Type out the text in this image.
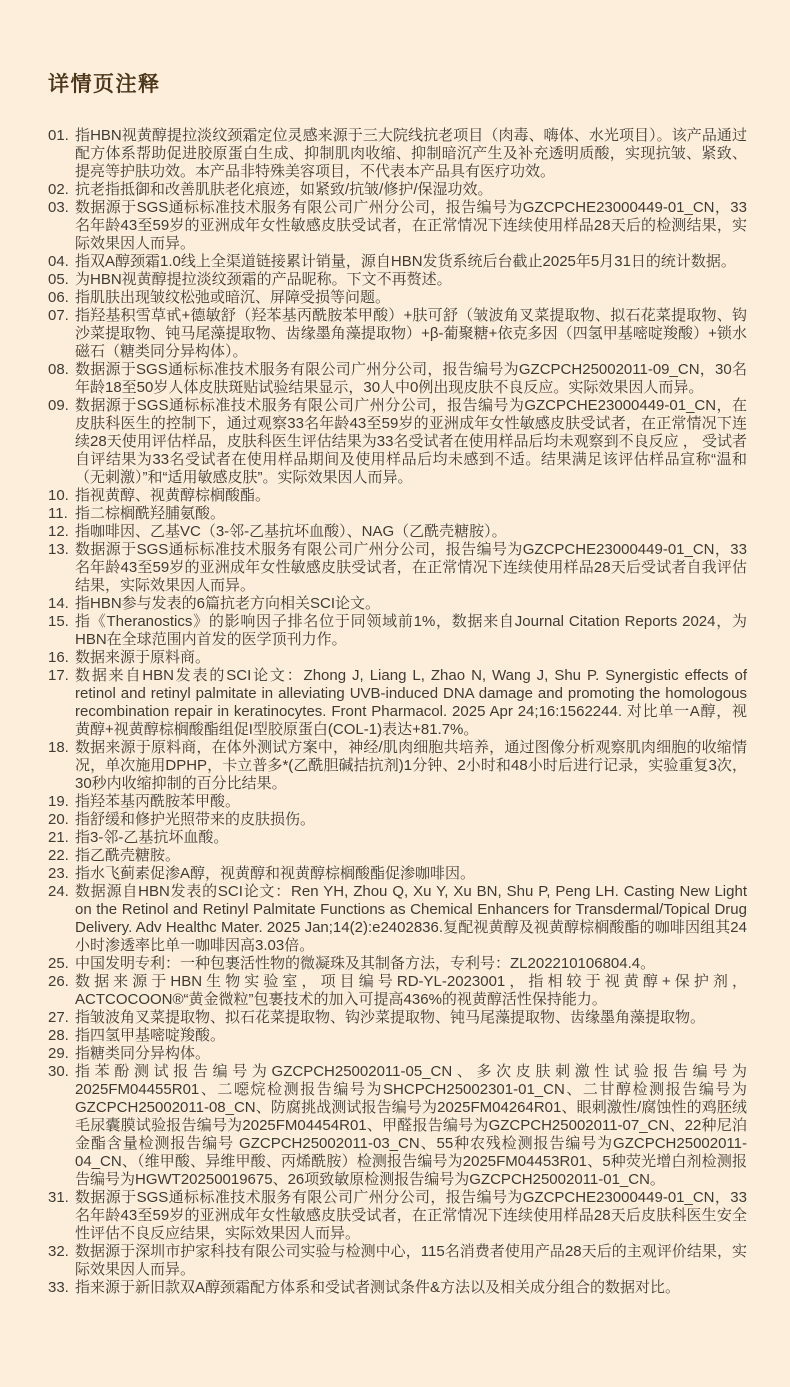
详情页注释
01. 指HBN视黄醇提拉淡纹颈霜定位灵感来源于三大院线抗老项目（肉毒、嗨体、水光项目）。该产品通过配方体系帮助促进胶原蛋白生成、抑制肌肉收缩、抑制暗沉产生及补充透明质酸，实现抗皱、紧致、提亮等护肤功效。本产品非特殊美容项目，不代表本产品具有医疗功效。
02. 抗老指抵御和改善肌肤老化痕迹，如紧致/抗皱/修护/保湿功效。
03. 数据源于SGS通标标准技术服务有限公司广州分公司，报告编号为GZCPCHE23000449-01_CN，33名年龄43至59岁的亚洲成年女性敏感皮肤受试者，在正常情况下连续使用样品28天后的检测结果，实际效果因人而异。
04. 指双A醇颈霜1.0线上全渠道链接累计销量，源自HBN发货系统后台截止2025年5月31日的统计数据。
05. 为HBN视黄醇提拉淡纹颈霜的产品昵称。下文不再赘述。
06. 指肌肤出现皱纹松弛或暗沉、屏障受损等问题。
07. 指羟基积雪草甙+德敏舒（羟苯基丙酰胺苯甲酸）+肤可舒（皱波角叉菜提取物、拟石花菜提取物、钩沙菜提取物、钝马尾藻提取物、齿缘墨角藻提取物）+β-葡聚糖+依克多因（四氢甲基嘧啶羧酸）+锁水磁石（糖类同分异构体）。
08. 数据源于SGS通标标准技术服务有限公司广州分公司，报告编号为GZCPCH25002011-09_CN，30名年龄18至50岁人体皮肤斑贴试验结果显示，30人中0例出现皮肤不良反应。实际效果因人而异。
09. 数据源于SGS通标标准技术服务有限公司广州分公司，报告编号为GZCPCHE23000449-01_CN，在皮肤科医生的控制下，通过观察33名年龄43至59岁的亚洲成年女性敏感皮肤受试者，在正常情况下连续28天使用评估样品，皮肤科医生评估结果为33名受试者在使用样品后均未观察到不良反应 ， 受试者自评结果为33名受试者在使用样品期间及使用样品后均未感到不适。结果满足该评估样品宣称“温和（无刺激）”和“适用敏感皮肤”。实际效果因人而异。
10. 指视黄醇、视黄醇棕榈酸酯。
11. 指二棕榈酰羟脯氨酸。
12. 指咖啡因、乙基VC（3-邻-乙基抗坏血酸）、NAG（乙酰壳糖胺）。
13. 数据源于SGS通标标准技术服务有限公司广州分公司，报告编号为GZCPCHE23000449-01_CN，33名年龄43至59岁的亚洲成年女性敏感皮肤受试者，在正常情况下连续使用样品28天后受试者自我评估结果，实际效果因人而异。
14. 指HBN参与发表的6篇抗老方向相关SCI论文。
15. 指《Theranostics》的影响因子排名位于同领域前1%，数据来自Journal Citation Reports 2024，为HBN在全球范围内首发的医学顶刊力作。
16. 数据来源于原料商。
17. 数据来自HBN发表的SCI论文：Zhong J, Liang L, Zhao N, Wang J, Shu P. Synergistic effects of retinol and retinyl palmitate in alleviating UVB-induced DNA damage and promoting the homologous recombination repair in keratinocytes. Front Pharmacol. 2025 Apr 24;16:1562244. 对比单一A醇，视黄醇+视黄醇棕榈酸酯组促I型胶原蛋白(COL-1)表达+81.7%。
18. 数据来源于原料商，在体外测试方案中，神经/肌肉细胞共培养，通过图像分析观察肌肉细胞的收缩情况，单次施用DPHP，卡立普多*(乙酰胆碱拮抗剂)1分钟、2小时和48小时后进行记录，实验重复3次，30秒内收缩抑制的百分比结果。
19. 指羟苯基丙酰胺苯甲酸。
20. 指舒缓和修护光照带来的皮肤损伤。
21. 指3-邻-乙基抗坏血酸。
22. 指乙酰壳糖胺。
23. 指水飞蓟素促渗A醇，视黄醇和视黄醇棕榈酸酯促渗咖啡因。
24. 数据源自HBN发表的SCI论文：Ren YH, Zhou Q, Xu Y, Xu BN, Shu P, Peng LH. Casting New Light on the Retinol and Retinyl Palmitate Functions as Chemical Enhancers for Transdermal/Topical Drug Delivery. Adv Healthc Mater. 2025 Jan;14(2):e2402836.复配视黄醇及视黄醇棕榈酸酯的咖啡因组其24小时渗透率比单一咖啡因高3.03倍。
25. 中国发明专利：一种包裹活性物的微凝珠及其制备方法，专利号：ZL202210106804.4。
26. 数据来源于HBN生物实验室，项目编号RD-YL-2023001，指相较于视黄醇+保护剂，ACTCOCOON®“黄金微粒”包裹技术的加入可提高436%的视黄醇活性保持能力。
27. 指皱波角叉菜提取物、拟石花菜提取物、钩沙菜提取物、钝马尾藻提取物、齿缘墨角藻提取物。
28. 指四氢甲基嘧啶羧酸。
29. 指糖类同分异构体。
30. 指苯酚测试报告编号为GZCPCH25002011-05_CN、多次皮肤刺激性试验报告编号为2025FM04455R01、二噁烷检测报告编号为SHCPCH25002301-01_CN、二甘醇检测报告编号为GZCPCH25002011-08_CN、防腐挑战测试报告编号为2025FM04264R01、眼刺激性/腐蚀性的鸡胚绒毛尿囊膜试验报告编号为2025FM04454R01、甲醛报告编号为GZCPCH25002011-07_CN、22种尼泊金酯含量检测报告编号 GZCPCH25002011-03_CN、55种农残检测报告编号为GZCPCH25002011-04_CN、（维甲酸、异维甲酸、丙烯酰胺）检测报告编号为2025FM04453R01、5种荧光增白剂检测报告编号为HGWT20250019675、26项致敏原检测报告编号为GZCPCH25002011-01_CN。
31. 数据源于SGS通标标准技术服务有限公司广州分公司，报告编号为GZCPCHE23000449-01_CN，33名年龄43至59岁的亚洲成年女性敏感皮肤受试者，在正常情况下连续使用样品28天后皮肤科医生安全性评估不良反应结果，实际效果因人而异。
32. 数据源于深圳市护家科技有限公司实验与检测中心，115名消费者使用产品28天后的主观评价结果，实际效果因人而异。
33. 指来源于新旧款双A醇颈霜配方体系和受试者测试条件&方法以及相关成分组合的数据对比。
